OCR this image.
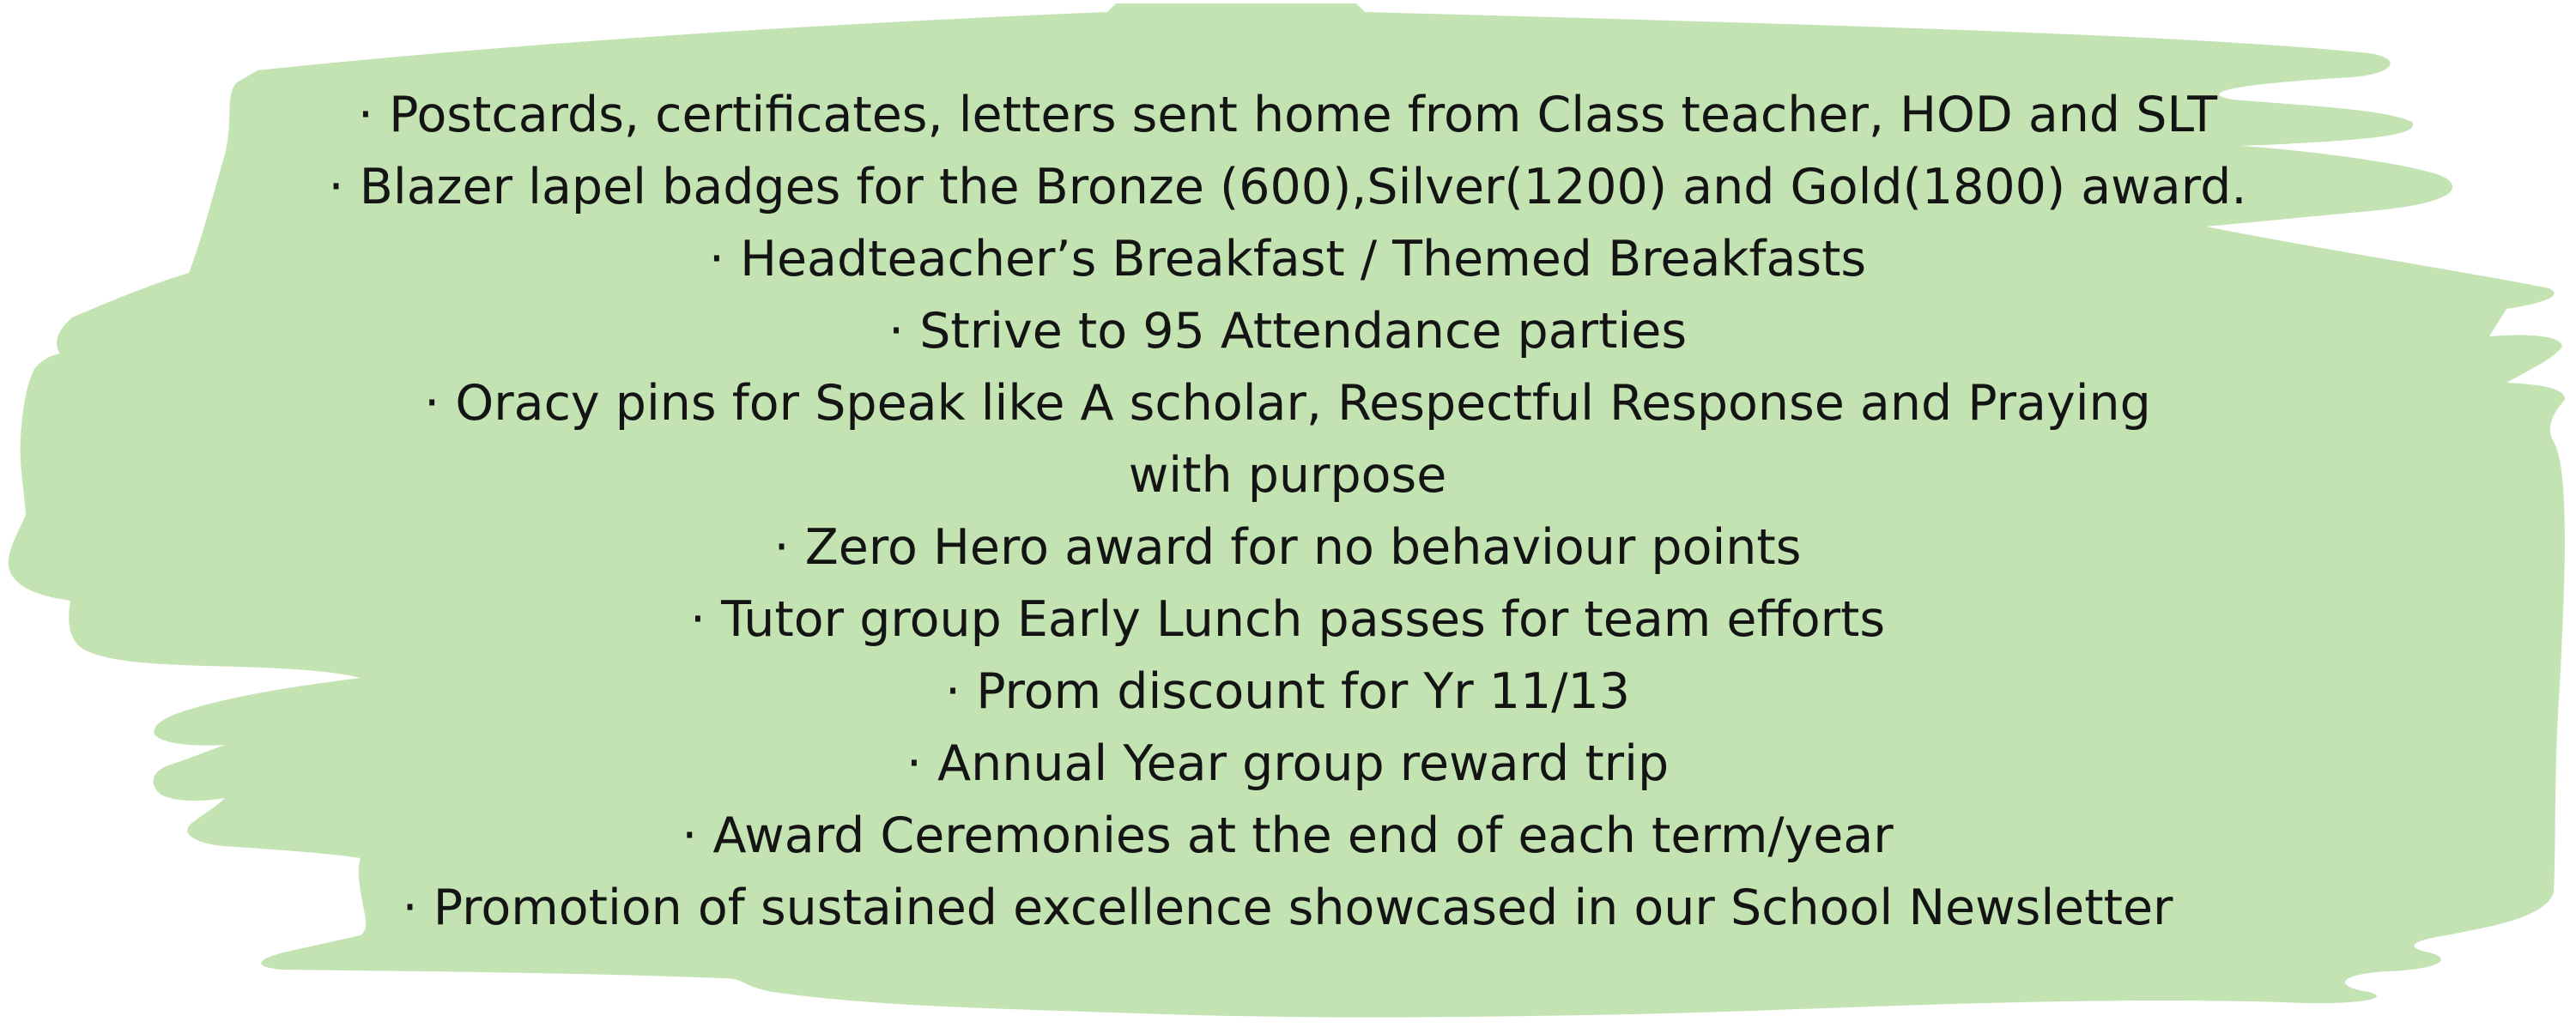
· Postcards, certificates, letters sent home from Class teacher, HOD and SLT
· Blazer lapel badges for the Bronze (600),Silver(1200) and Gold(1800) award.
· Headteacher’s Breakfast / Themed Breakfasts
· Strive to 95 Attendance parties
· Oracy pins for Speak like A scholar, Respectful Response and Praying with purpose
· Zero Hero award for no behaviour points
· Tutor group Early Lunch passes for team efforts
· Prom discount for Yr 11/13
· Annual Year group reward trip
· Award Ceremonies at the end of each term/year
· Promotion of sustained excellence showcased in our School Newsletter
